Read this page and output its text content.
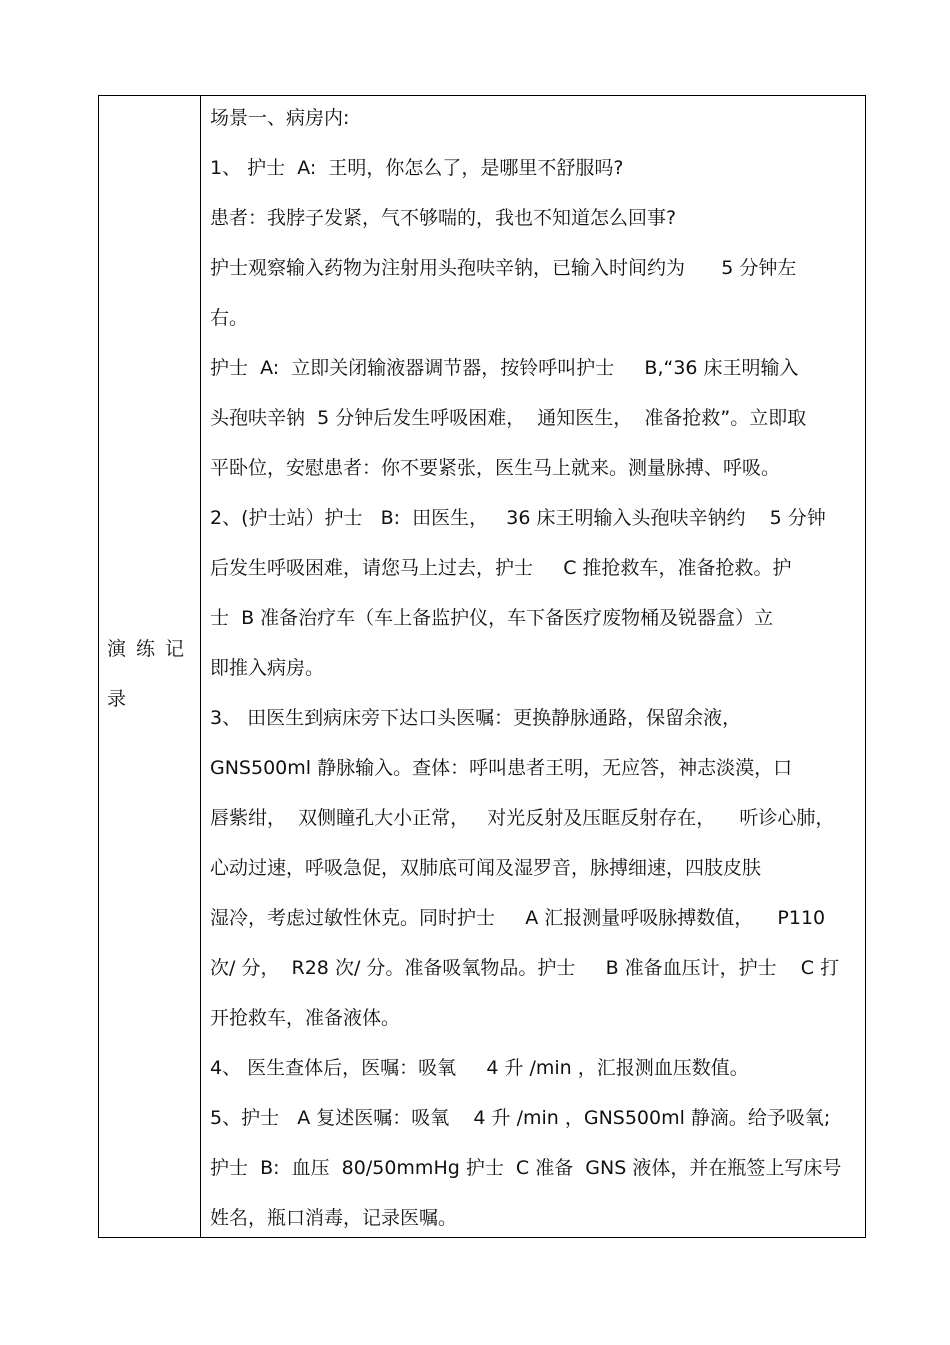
演练记录
场景一、病房内:
1、 护士  A:  王明，你怎么了，是哪里不舒服吗?
患者：我脖子发紧，气不够喘的，我也不知道怎么回事?
护士观察输入药物为注射用头孢呋辛钠，已输入时间约为      5 分钟左
右。
护士  A:  立即关闭输液器调节器，按铃呼叫护士     B,“36 床王明输入
头孢呋辛钠  5 分钟后发生呼吸困难，  通知医生，  准备抢救”。立即取
平卧位，安慰患者：你不要紧张，医生马上就来。测量脉搏、呼吸。
2、(护士站）护士   B:  田医生，   36 床王明输入头孢呋辛钠约    5 分钟
后发生呼吸困难，请您马上过去，护士     C 推抢救车，准备抢救。护
士  B 准备治疗车（车上备监护仪，车下备医疗废物桶及锐器盒）立
即推入病房。
3、 田医生到病床旁下达口头医嘱：更换静脉通路，保留余液，
GNS500ml 静脉输入。查体：呼叫患者王明，无应答，神志淡漠，口
唇紫绀，  双侧瞳孔大小正常，   对光反射及压眶反射存在，    听诊心肺，
心动过速，呼吸急促，双肺底可闻及湿罗音，脉搏细速，四肢皮肤
湿冷，考虑过敏性休克。同时护士     A 汇报测量呼吸脉搏数值，    P110
次/ 分，  R28 次/ 分。准备吸氧物品。护士     B 准备血压计，护士    C 打
开抢救车，准备液体。
4、 医生查体后，医嘱：吸氧     4 升 /min ，汇报测血压数值。
5、护士   A 复述医嘱：吸氧    4 升 /min ，GNS500ml 静滴。给予吸氧;
护士  B:  血压  80/50mmHg 护士  C 准备  GNS 液体，并在瓶签上写床号
姓名，瓶口消毒，记录医嘱。
